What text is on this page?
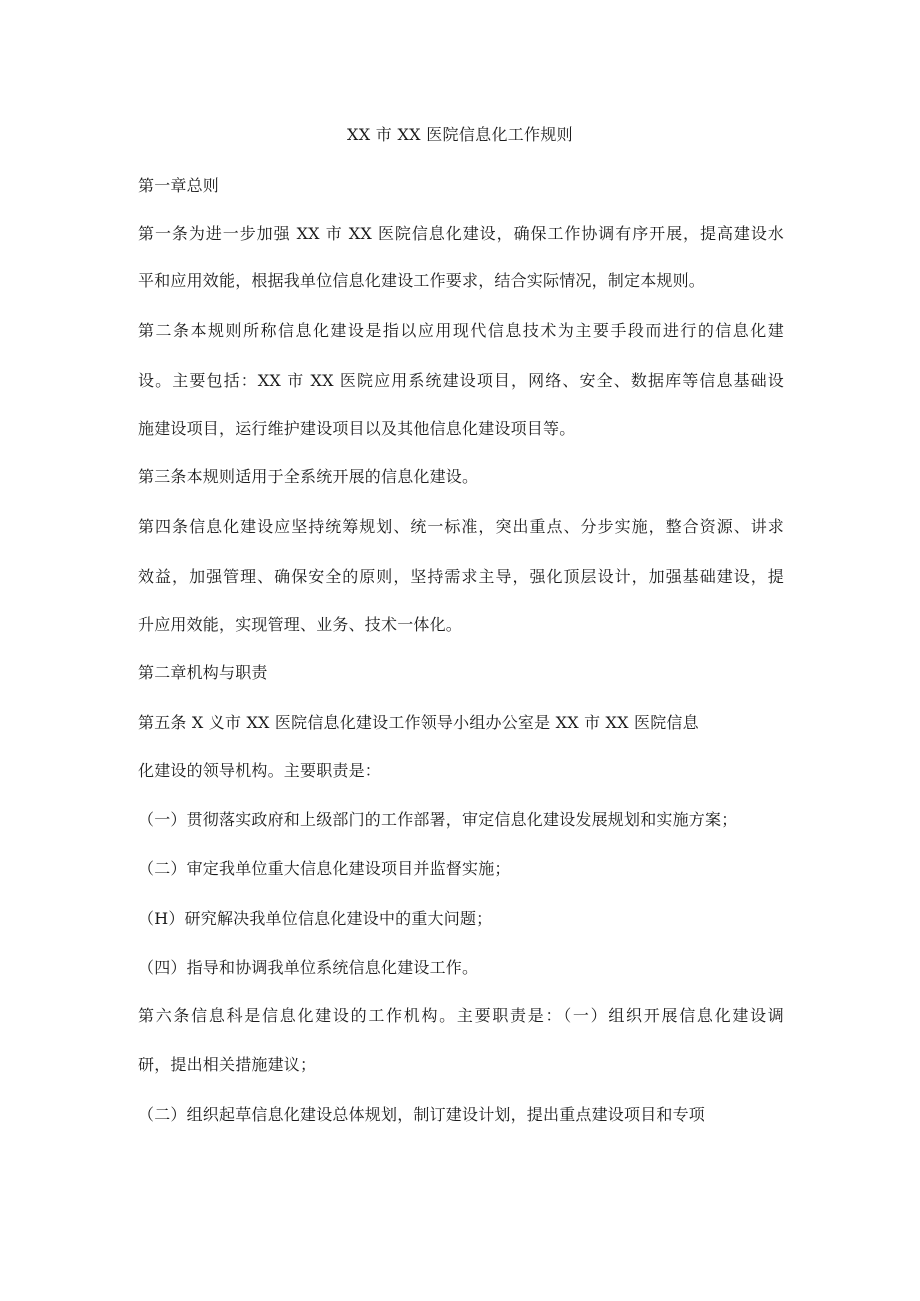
XX 市 XX 医院信息化工作规则
第一章总则
第一条为进一步加强 XX 市 XX 医院信息化建设，确保工作协调有序开展，提高建设水
平和应用效能，根据我单位信息化建设工作要求，结合实际情况，制定本规则。
第二条本规则所称信息化建设是指以应用现代信息技术为主要手段而进行的信息化建
设。主要包括：XX 市 XX 医院应用系统建设项目，网络、安全、数据库等信息基础设
施建设项目，运行维护建设项目以及其他信息化建设项目等。
第三条本规则适用于全系统开展的信息化建设。
第四条信息化建设应坚持统筹规划、统一标准，突出重点、分步实施，整合资源、讲求
效益，加强管理、确保安全的原则，坚持需求主导，强化顶层设计，加强基础建设，提
升应用效能，实现管理、业务、技术一体化。
第二章机构与职责
第五条 X 义市 XX 医院信息化建设工作领导小组办公室是 XX 市 XX 医院信息
化建设的领导机构。主要职责是：
（一）贯彻落实政府和上级部门的工作部署，审定信息化建设发展规划和实施方案；
（二）审定我单位重大信息化建设项目并监督实施；
（H）研究解决我单位信息化建设中的重大问题；
（四）指导和协调我单位系统信息化建设工作。
第六条信息科是信息化建设的工作机构。主要职责是：（一）组织开展信息化建设调
研，提出相关措施建议；
（二）组织起草信息化建设总体规划，制订建设计划，提出重点建设项目和专项
